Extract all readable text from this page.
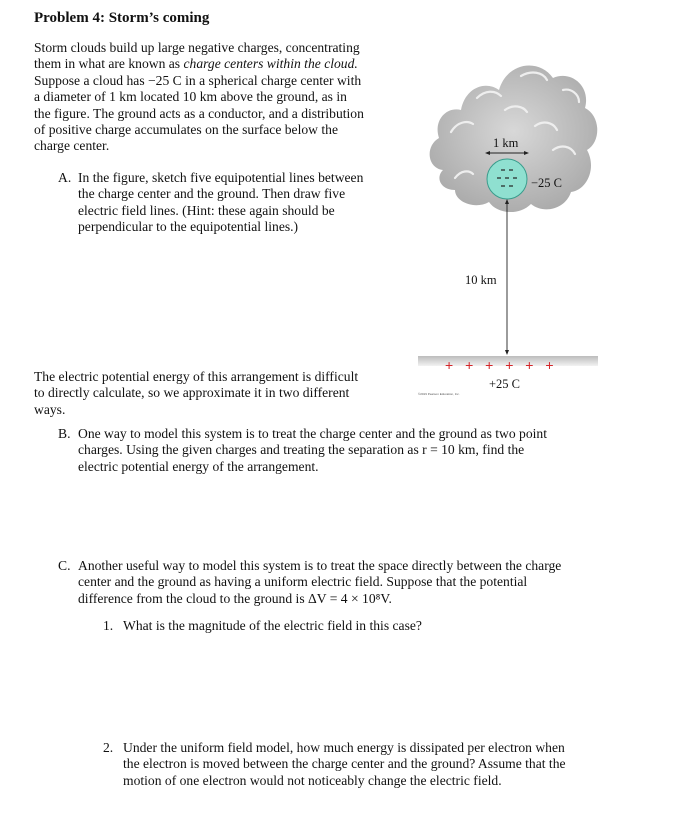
Problem 4: Storm’s coming
Storm clouds build up large negative charges, concentrating
them in what are known as charge centers within the cloud.
Suppose a cloud has −25 C in a spherical charge center with
a diameter of 1 km located 10 km above the ground, as in
the figure. The ground acts as a conductor, and a distribution
of positive charge accumulates on the surface below the
charge center.
A. In the figure, sketch five equipotential lines between
the charge center and the ground. Then draw five
electric field lines. (Hint: these again should be
perpendicular to the equipotential lines.)
The electric potential energy of this arrangement is difficult
to directly calculate, so we approximate it in two different
ways.
B. One way to model this system is to treat the charge center and the ground as two point
charges. Using the given charges and treating the separation as r = 10 km, find the
electric potential energy of the arrangement.
C. Another useful way to model this system is to treat the space directly between the charge
center and the ground as having a uniform electric field. Suppose that the potential
difference from the cloud to the ground is ΔV = 4 × 10⁸V.
1. What is the magnitude of the electric field in this case?
2. Under the uniform field model, how much energy is dissipated per electron when
the electron is moved between the charge center and the ground? Assume that the
motion of one electron would not noticeably change the electric field.
1 km
−25 C
10 km
+ + + + + +
+25 C
©2019 Pearson Education, Inc.
